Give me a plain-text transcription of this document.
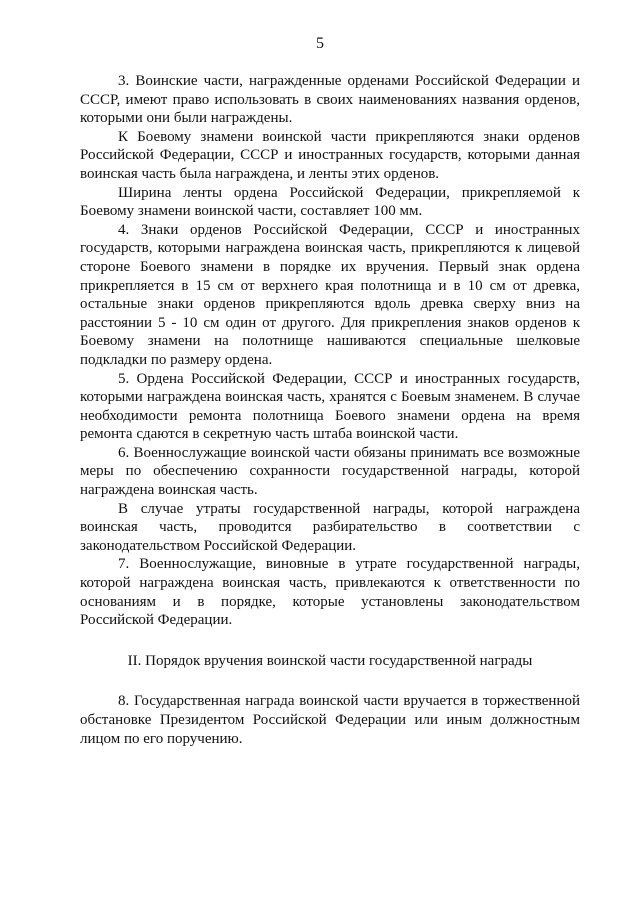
5

3. Воинские части, награжденные орденами Российской Федерации и СССР, имеют право использовать в своих наименованиях названия орденов, которыми они были награждены.

К Боевому знамени воинской части прикрепляются знаки орденов Российской Федерации, СССР и иностранных государств, которыми данная воинская часть была награждена, и ленты этих орденов.

Ширина ленты ордена Российской Федерации, прикрепляемой к Боевому знамени воинской части, составляет 100 мм.

4. Знаки орденов Российской Федерации, СССР и иностранных государств, которыми награждена воинская часть, прикрепляются к лицевой стороне Боевого знамени в порядке их вручения. Первый знак ордена прикрепляется в 15 см от верхнего края полотнища и в 10 см от древка, остальные знаки орденов прикрепляются вдоль древка сверху вниз на расстоянии 5 - 10 см один от другого. Для прикрепления знаков орденов к Боевому знамени на полотнище нашиваются специальные шелковые подкладки по размеру ордена.

5. Ордена Российской Федерации, СССР и иностранных государств, которыми награждена воинская часть, хранятся с Боевым знаменем. В случае необходимости ремонта полотнища Боевого знамени ордена на время ремонта сдаются в секретную часть штаба воинской части.

6. Военнослужащие воинской части обязаны принимать все возможные меры по обеспечению сохранности государственной награды, которой награждена воинская часть.

В случае утраты государственной награды, которой награждена воинская часть, проводится разбирательство в соответствии с законодательством Российской Федерации.

7. Военнослужащие, виновные в утрате государственной награды, которой награждена воинская часть, привлекаются к ответственности по основаниям и в порядке, которые установлены законодательством Российской Федерации.

II. Порядок вручения воинской части государственной награды

8. Государственная награда воинской части вручается в торжественной обстановке Президентом Российской Федерации или иным должностным лицом по его поручению.
